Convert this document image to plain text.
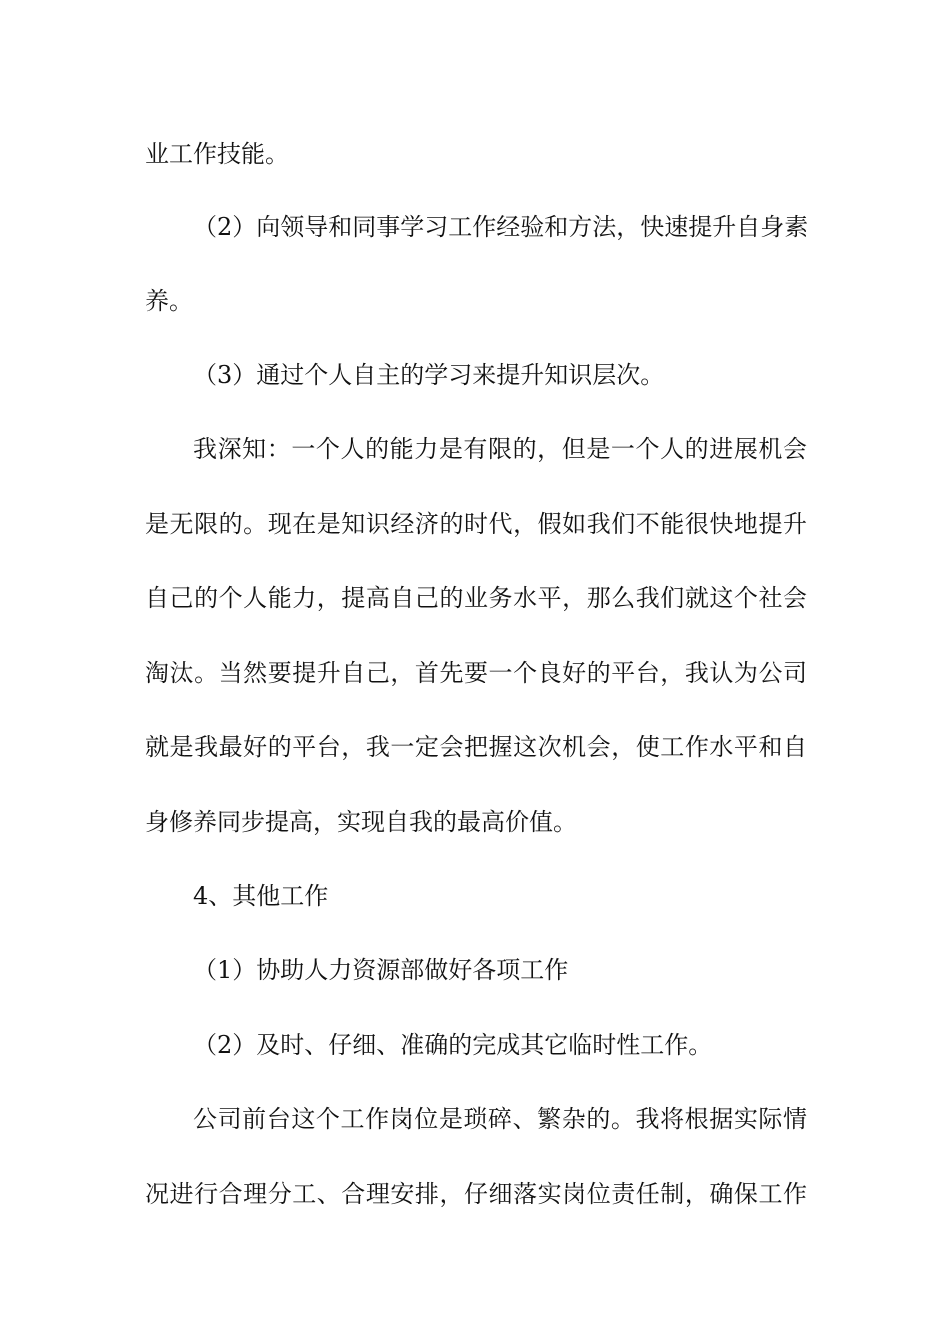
业工作技能。
（2）向领导和同事学习工作经验和方法，快速提升自身素
养。
（3）通过个人自主的学习来提升知识层次。
我深知：一个人的能力是有限的，但是一个人的进展机会
是无限的。现在是知识经济的时代，假如我们不能很快地提升
自己的个人能力，提高自己的业务水平，那么我们就这个社会
淘汰。当然要提升自己，首先要一个良好的平台，我认为公司
就是我最好的平台，我一定会把握这次机会，使工作水平和自
身修养同步提高，实现自我的最高价值。
4、其他工作
（1）协助人力资源部做好各项工作
（2）及时、仔细、准确的完成其它临时性工作。
公司前台这个工作岗位是琐碎、繁杂的。我将根据实际情
况进行合理分工、合理安排，仔细落实岗位责任制，确保工作
